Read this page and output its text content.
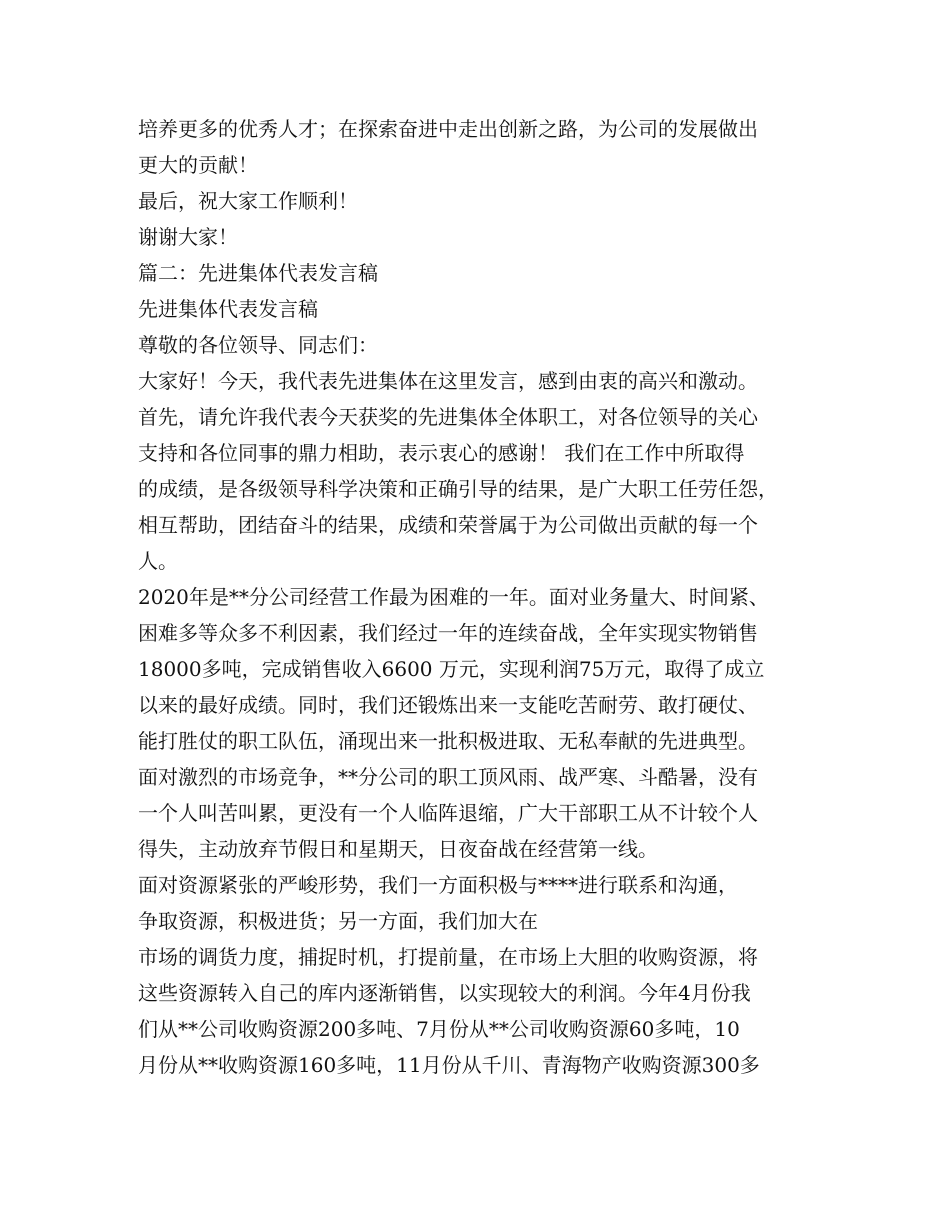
培养更多的优秀人才；在探索奋进中走出创新之路，为公司的发展做出
更大的贡献！
最后，祝大家工作顺利！
谢谢大家！
篇二：先进集体代表发言稿
先进集体代表发言稿
尊敬的各位领导、同志们：
大家好！今天，我代表先进集体在这里发言，感到由衷的高兴和激动。
首先，请允许我代表今天获奖的先进集体全体职工，对各位领导的关心
支持和各位同事的鼎力相助，表示衷心的感谢！ 我们在工作中所取得
的成绩，是各级领导科学决策和正确引导的结果，是广大职工任劳任怨，
相互帮助，团结奋斗的结果，成绩和荣誉属于为公司做出贡献的每一个
人。
2020年是**分公司经营工作最为困难的一年。面对业务量大、时间紧、
困难多等众多不利因素，我们经过一年的连续奋战，全年实现实物销售
18000多吨，完成销售收入6600 万元，实现利润75万元，取得了成立
以来的最好成绩。同时，我们还锻炼出来一支能吃苦耐劳、敢打硬仗、
能打胜仗的职工队伍，涌现出来一批积极进取、无私奉献的先进典型。
面对激烈的市场竞争，**分公司的职工顶风雨、战严寒、斗酷暑，没有
一个人叫苦叫累，更没有一个人临阵退缩，广大干部职工从不计较个人
得失，主动放弃节假日和星期天，日夜奋战在经营第一线。
面对资源紧张的严峻形势，我们一方面积极与****进行联系和沟通，
争取资源，积极进货；另一方面，我们加大在
市场的调货力度，捕捉时机，打提前量，在市场上大胆的收购资源，将
这些资源转入自己的库内逐渐销售，以实现较大的利润。今年4月份我
们从**公司收购资源200多吨、7月份从**公司收购资源60多吨，10
月份从**收购资源160多吨，11月份从千川、青海物产收购资源300多
